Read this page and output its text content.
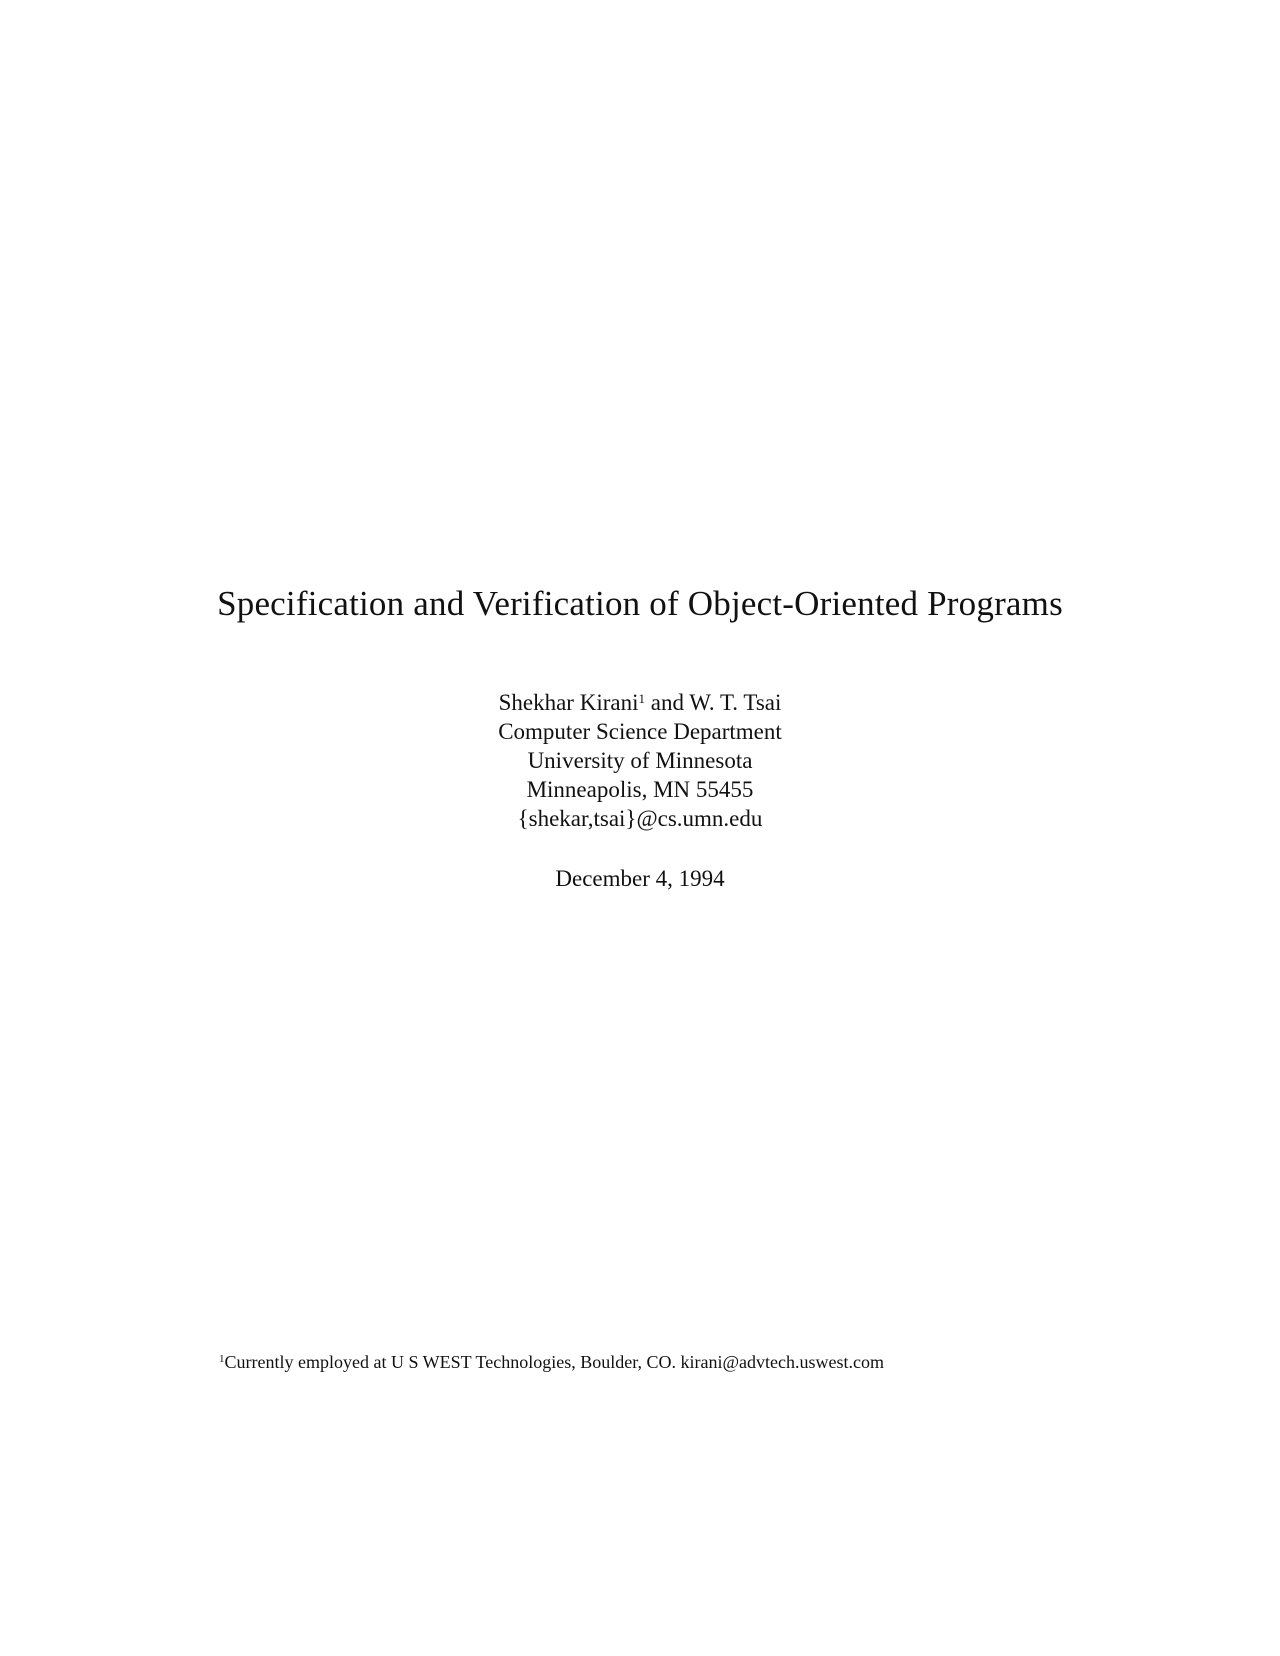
Specification and Verification of Object-Oriented Programs
Shekhar Kirani$^1$ and W. T. Tsai
Computer Science Department
University of Minnesota
Minneapolis, MN 55455
{shekar,tsai}@cs.umn.edu
December 4, 1994
$^1$Currently employed at U S WEST Technologies, Boulder, CO. kirani@advtech.uswest.com
